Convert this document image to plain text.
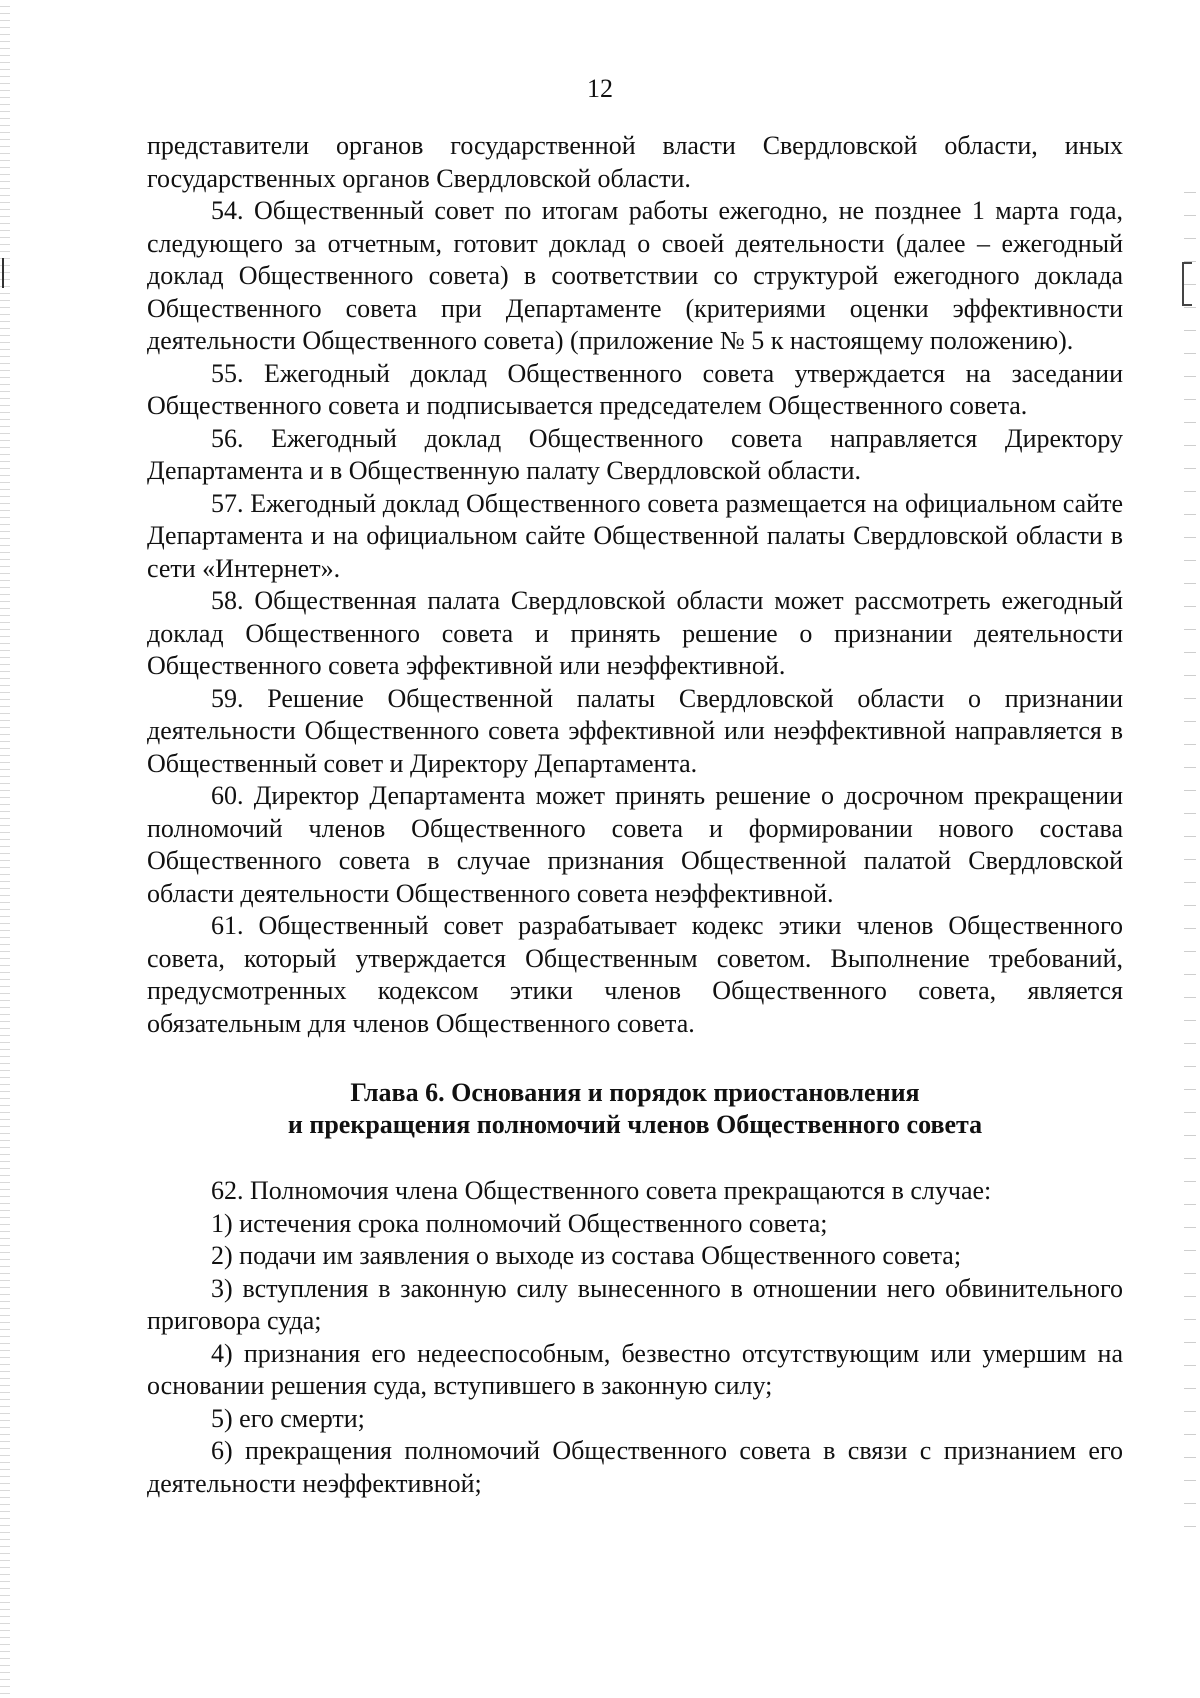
12

представители органов государственной власти Свердловской области, иных государственных органов Свердловской области.

54. Общественный совет по итогам работы ежегодно, не позднее 1 марта года, следующего за отчетным, готовит доклад о своей деятельности (далее – ежегодный доклад Общественного совета) в соответствии со структурой ежегодного доклада Общественного совета при Департаменте (критериями оценки эффективности деятельности Общественного совета) (приложение № 5 к настоящему положению).

55. Ежегодный доклад Общественного совета утверждается на заседании Общественного совета и подписывается председателем Общественного совета.

56. Ежегодный доклад Общественного совета направляется Директору Департамента и в Общественную палату Свердловской области.

57. Ежегодный доклад Общественного совета размещается на официальном сайте Департамента и на официальном сайте Общественной палаты Свердловской области в сети «Интернет».

58. Общественная палата Свердловской области может рассмотреть ежегодный доклад Общественного совета и принять решение о признании деятельности Общественного совета эффективной или неэффективной.

59. Решение Общественной палаты Свердловской области о признании деятельности Общественного совета эффективной или неэффективной направляется в Общественный совет и Директору Департамента.

60. Директор Департамента может принять решение о досрочном прекращении полномочий членов Общественного совета и формировании нового состава Общественного совета в случае признания Общественной палатой Свердловской области деятельности Общественного совета неэффективной.

61. Общественный совет разрабатывает кодекс этики членов Общественного совета, который утверждается Общественным советом. Выполнение требований, предусмотренных кодексом этики членов Общественного совета, является обязательным для членов Общественного совета.

Глава 6. Основания и порядок приостановления
и прекращения полномочий членов Общественного совета

62. Полномочия члена Общественного совета прекращаются в случае:

1) истечения срока полномочий Общественного совета;

2) подачи им заявления о выходе из состава Общественного совета;

3) вступления в законную силу вынесенного в отношении него обвинительного приговора суда;

4) признания его недееспособным, безвестно отсутствующим или умершим на основании решения суда, вступившего в законную силу;

5) его смерти;

6) прекращения полномочий Общественного совета в связи с признанием его деятельности неэффективной;
